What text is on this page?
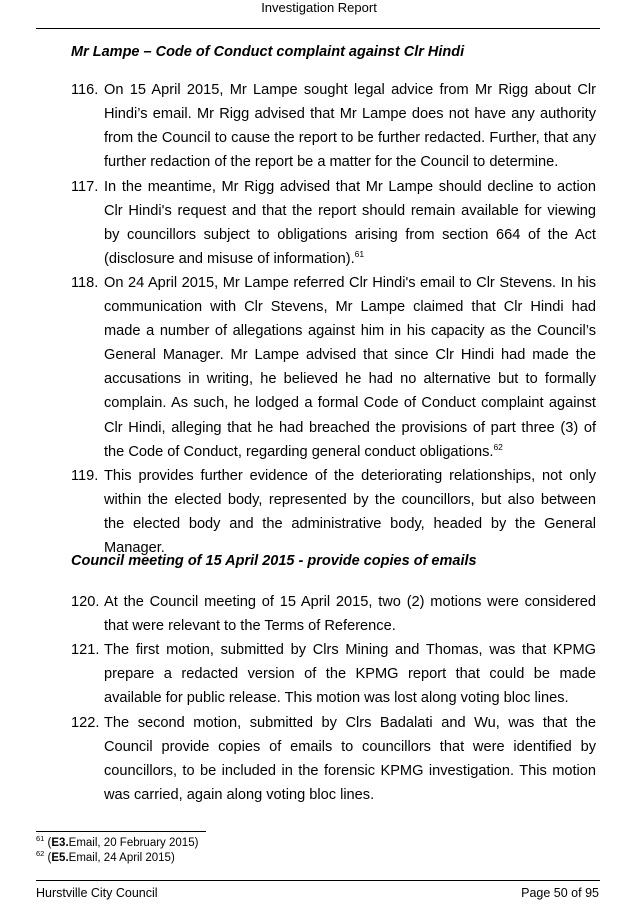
Investigation Report
Mr Lampe – Code of Conduct complaint against Clr Hindi
116. On 15 April 2015, Mr Lampe sought legal advice from Mr Rigg about Clr Hindi’s email. Mr Rigg advised that Mr Lampe does not have any authority from the Council to cause the report to be further redacted. Further, that any further redaction of the report be a matter for the Council to determine.
117. In the meantime, Mr Rigg advised that Mr Lampe should decline to action Clr Hindi's request and that the report should remain available for viewing by councillors subject to obligations arising from section 664 of the Act (disclosure and misuse of information).$^{61}$
118. On 24 April 2015, Mr Lampe referred Clr Hindi's email to Clr Stevens. In his communication with Clr Stevens, Mr Lampe claimed that Clr Hindi had made a number of allegations against him in his capacity as the Council’s General Manager. Mr Lampe advised that since Clr Hindi had made the accusations in writing, he believed he had no alternative but to formally complain. As such, he lodged a formal Code of Conduct complaint against Clr Hindi, alleging that he had breached the provisions of part three (3) of the Code of Conduct, regarding general conduct obligations.$^{62}$
119. This provides further evidence of the deteriorating relationships, not only within the elected body, represented by the councillors, but also between the elected body and the administrative body, headed by the General Manager.
Council meeting of 15 April 2015 - provide copies of emails
120. At the Council meeting of 15 April 2015, two (2) motions were considered that were relevant to the Terms of Reference.
121. The first motion, submitted by Clrs Mining and Thomas, was that KPMG prepare a redacted version of the KPMG report that could be made available for public release. This motion was lost along voting bloc lines.
122. The second motion, submitted by Clrs Badalati and Wu, was that the Council provide copies of emails to councillors that were identified by councillors, to be included in the forensic KPMG investigation. This motion was carried, again along voting bloc lines.
$^{61}$ (E3.Email, 20 February 2015)
$^{62}$ (E5.Email, 24 April 2015)
Hurstville City Council	Page 50 of 95
